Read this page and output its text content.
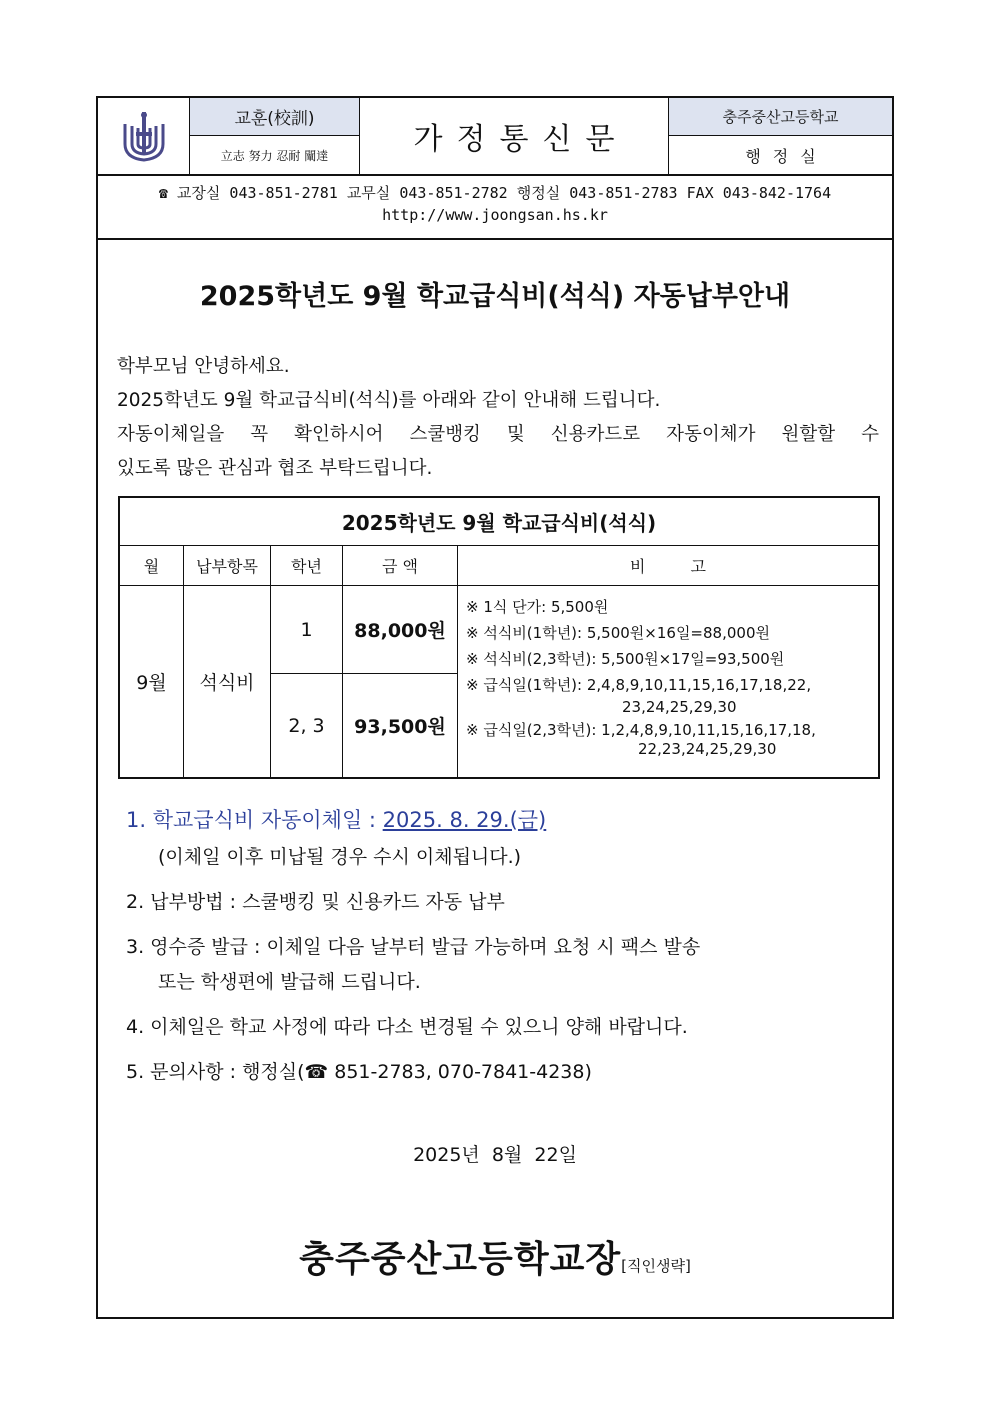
교훈(校訓)
立志 努力 忍耐 闡達	가정통신문
충주중산고등학교
행정실
☎ 교장실 043-851-2781 교무실 043-851-2782 행정실 043-851-2783 FAX 043-842-1764
http://www.joongsan.hs.kr
2025학년도 9월 학교급식비(석식) 자동납부안내

학부모님 안녕하세요.

2025학년도 9월 학교급식비(석식)를 아래와 같이 안내해 드립니다.

자동이체일을 꼭 확인하시어 스쿨뱅킹 및 신용카드로 자동이체가 원할할 수

있도록 많은 관심과 협조 부탁드립니다.

2025학년도 9월 학교급식비(석식)
월	납부항목	학년	금 액	비 고
9월	석식비
1	88,000원
2, 3	93,500원
※ 1식 단가: 5,500원
※ 석식비(1학년): 5,500원×16일=88,000원
※ 석식비(2,3학년): 5,500원×17일=93,500원
※ 급식일(1학년): 2,4,8,9,10,11,15,16,17,18,22,
23,24,25,29,30
※ 급식일(2,3학년): 1,2,4,8,9,10,11,15,16,17,18,
22,23,24,25,29,30
1. 학교급식비 자동이체일 : 2025. 8. 29.(금)
(이체일 이후 미납될 경우 수시 이체됩니다.)
2. 납부방법 : 스쿨뱅킹 및 신용카드 자동 납부
3. 영수증 발급 : 이체일 다음 날부터 발급 가능하며 요청 시 팩스 발송
또는 학생편에 발급해 드립니다.
4. 이체일은 학교 사정에 따라 다소 변경될 수 있으니 양해 바랍니다.
5. 문의사항 : 행정실(☎ 851-2783, 070-7841-4238)
2025년  8월  22일
충주중산고등학교장[직인생략]
